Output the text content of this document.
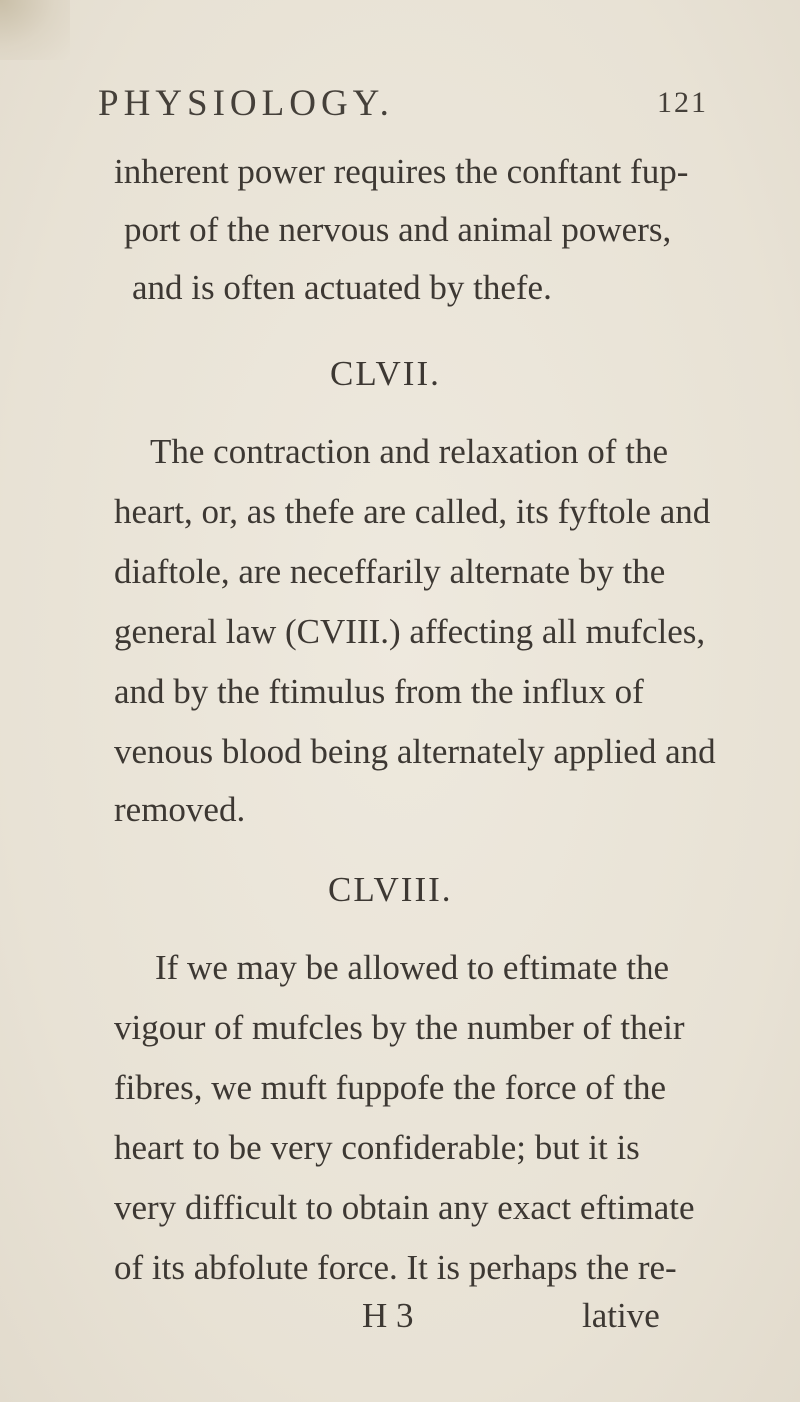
PHYSIOLOGY.	121
inherent power requires the conftant fup-
port of the nervous and animal powers,
and is often actuated by thefe.
CLVII.
The contraction and relaxation of the
heart, or, as thefe are called, its fyftole and
diaftole, are neceffarily alternate by the
general law (CVIII.) affecting all mufcles,
and by the ftimulus from the influx of
venous blood being alternately applied and
removed.
CLVIII.
If we may be allowed to eftimate the
vigour of mufcles by the number of their
fibres, we muft fuppofe the force of the
heart to be very confiderable; but it is
very difficult to obtain any exact eftimate
of its abfolute force. It is perhaps the re-
H 3	lative
